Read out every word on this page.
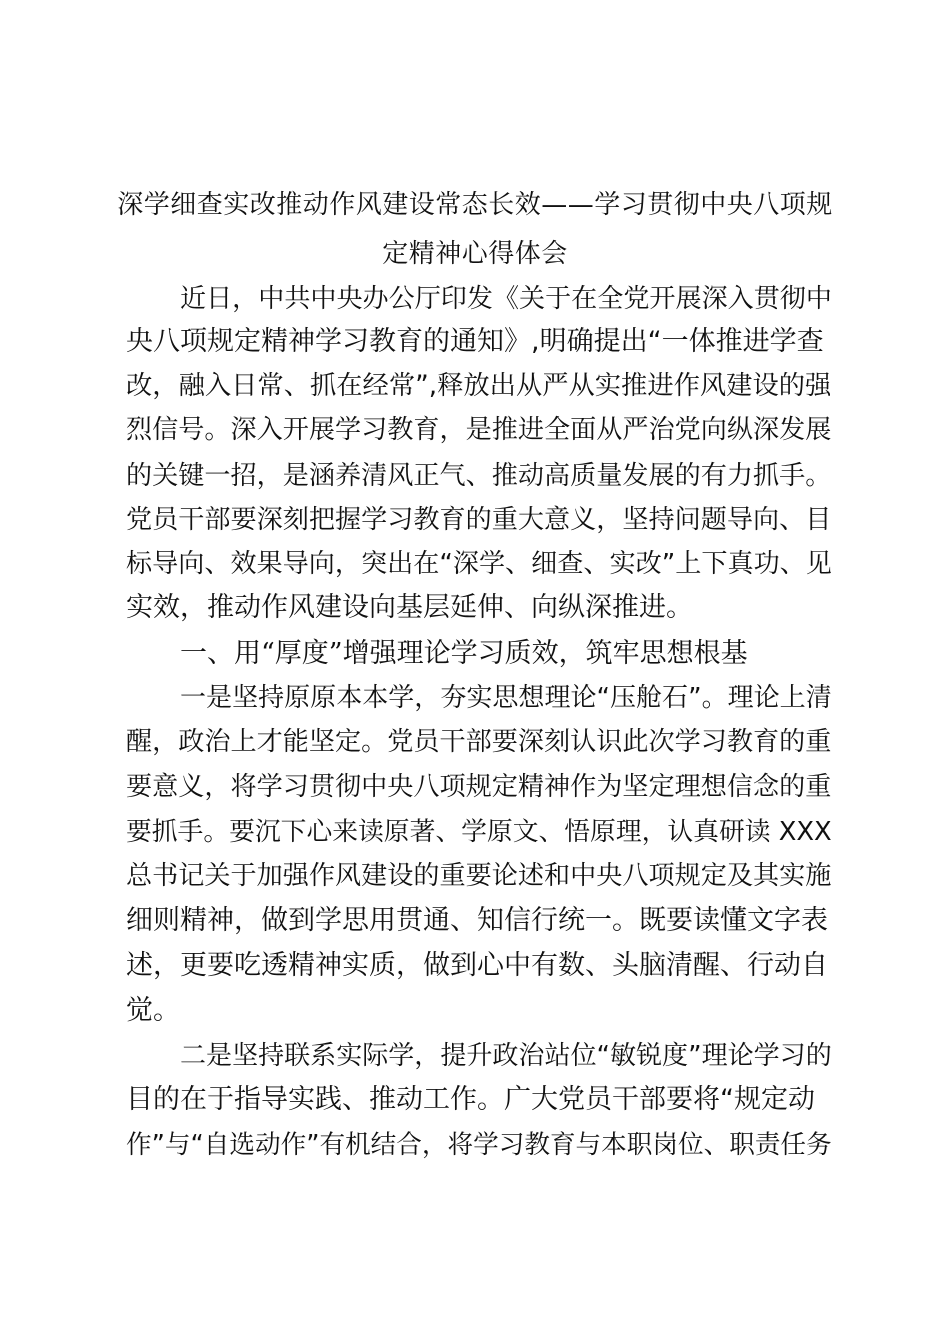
深学细查实改推动作风建设常态长效——学习贯彻中央八项规
定精神心得体会
近日，中共中央办公厅印发《关于在全党开展深入贯彻中
央八项规定精神学习教育的通知》,明确提出“一体推进学查
改，融入日常、抓在经常”,释放出从严从实推进作风建设的强
烈信号。深入开展学习教育，是推进全面从严治党向纵深发展
的关键一招，是涵养清风正气、推动高质量发展的有力抓手。
党员干部要深刻把握学习教育的重大意义，坚持问题导向、目
标导向、效果导向，突出在“深学、细查、实改”上下真功、见
实效，推动作风建设向基层延伸、向纵深推进。
一、用“厚度”增强理论学习质效，筑牢思想根基
一是坚持原原本本学，夯实思想理论“压舱石”。理论上清
醒，政治上才能坚定。党员干部要深刻认识此次学习教育的重
要意义，将学习贯彻中央八项规定精神作为坚定理想信念的重
要抓手。要沉下心来读原著、学原文、悟原理，认真研读 XXX
总书记关于加强作风建设的重要论述和中央八项规定及其实施
细则精神，做到学思用贯通、知信行统一。既要读懂文字表
述，更要吃透精神实质，做到心中有数、头脑清醒、行动自
觉。
二是坚持联系实际学，提升政治站位“敏锐度”理论学习的
目的在于指导实践、推动工作。广大党员干部要将“规定动
作”与“自选动作”有机结合，将学习教育与本职岗位、职责任务
